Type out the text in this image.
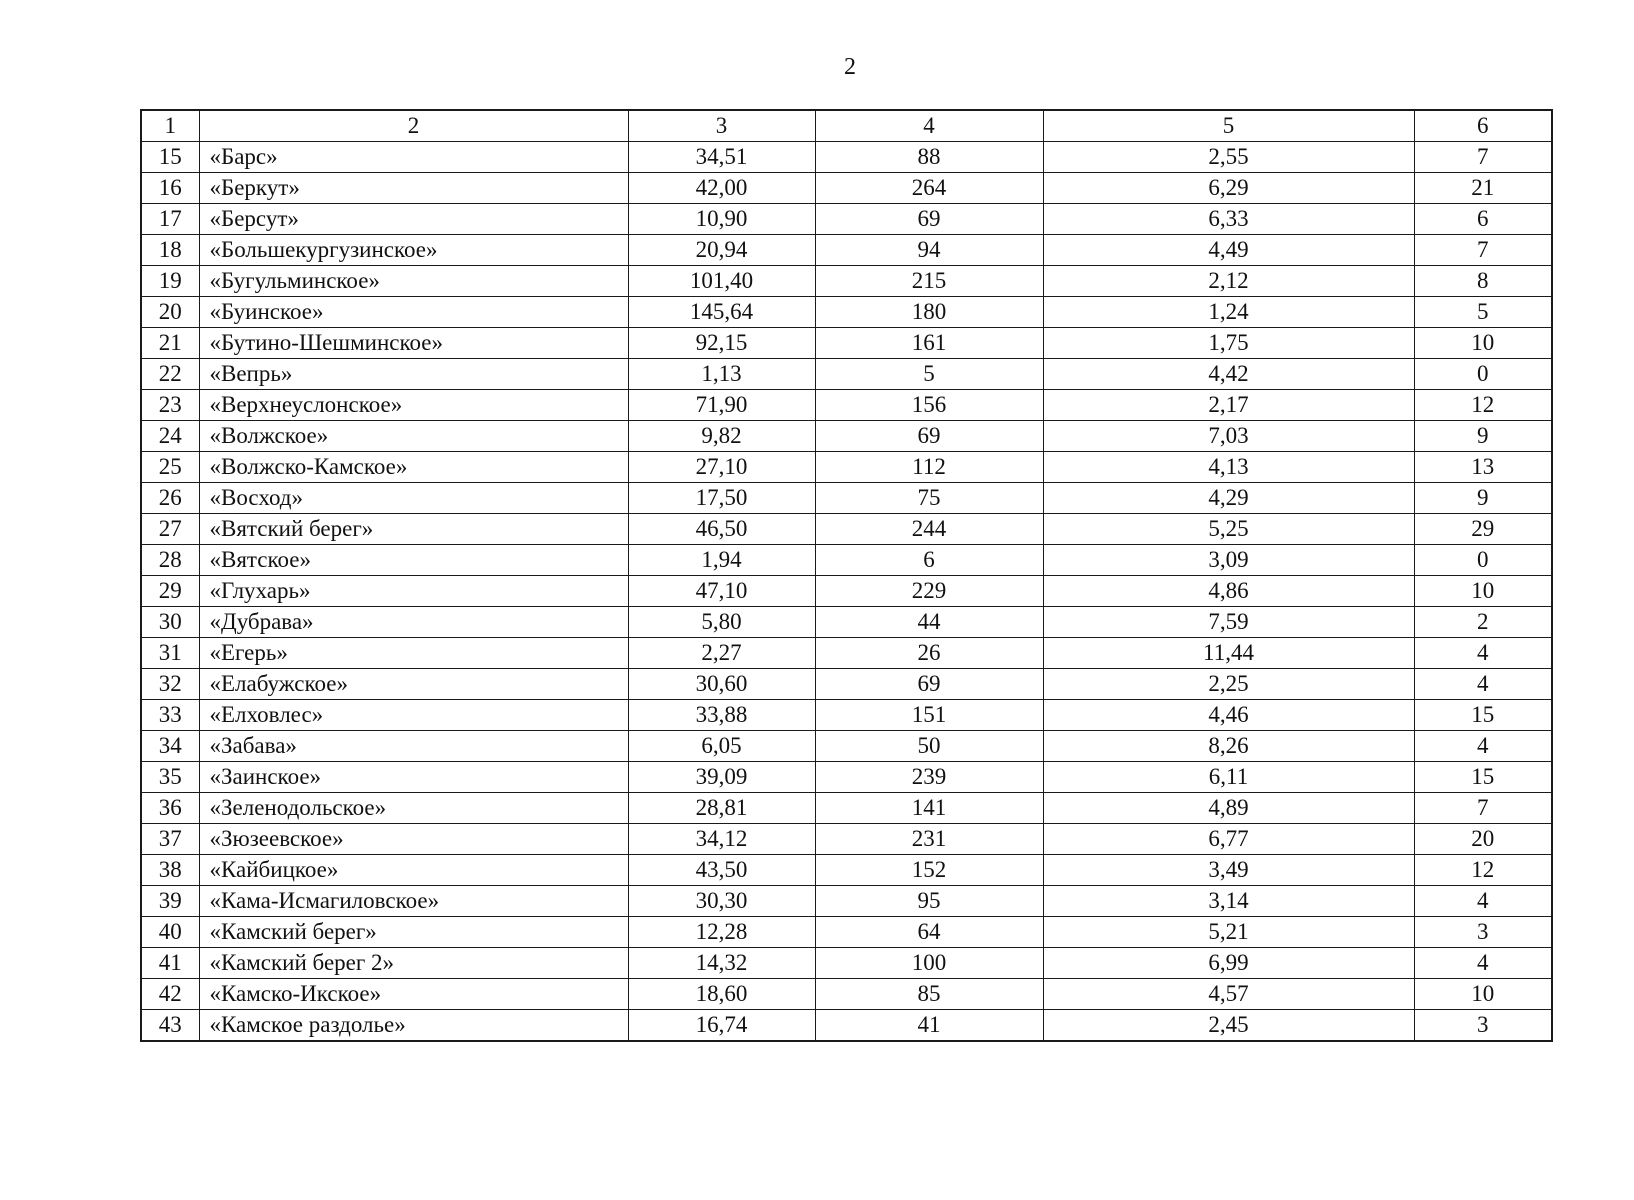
2
1	2	3	4	5	6
15	«Барс»	34,51	88	2,55	7
16	«Беркут»	42,00	264	6,29	21
17	«Берсут»	10,90	69	6,33	6
18	«Большекургузинское»	20,94	94	4,49	7
19	«Бугульминское»	101,40	215	2,12	8
20	«Буинское»	145,64	180	1,24	5
21	«Бутино-Шешминское»	92,15	161	1,75	10
22	«Вепрь»	1,13	5	4,42	0
23	«Верхнеуслонское»	71,90	156	2,17	12
24	«Волжское»	9,82	69	7,03	9
25	«Волжско-Камское»	27,10	112	4,13	13
26	«Восход»	17,50	75	4,29	9
27	«Вятский берег»	46,50	244	5,25	29
28	«Вятское»	1,94	6	3,09	0
29	«Глухарь»	47,10	229	4,86	10
30	«Дубрава»	5,80	44	7,59	2
31	«Егерь»	2,27	26	11,44	4
32	«Елабужское»	30,60	69	2,25	4
33	«Елховлес»	33,88	151	4,46	15
34	«Забава»	6,05	50	8,26	4
35	«Заинское»	39,09	239	6,11	15
36	«Зеленодольское»	28,81	141	4,89	7
37	«Зюзеевское»	34,12	231	6,77	20
38	«Кайбицкое»	43,50	152	3,49	12
39	«Кама-Исмагиловское»	30,30	95	3,14	4
40	«Камский берег»	12,28	64	5,21	3
41	«Камский берег 2»	14,32	100	6,99	4
42	«Камско-Икское»	18,60	85	4,57	10
43	«Камское раздолье»	16,74	41	2,45	3
